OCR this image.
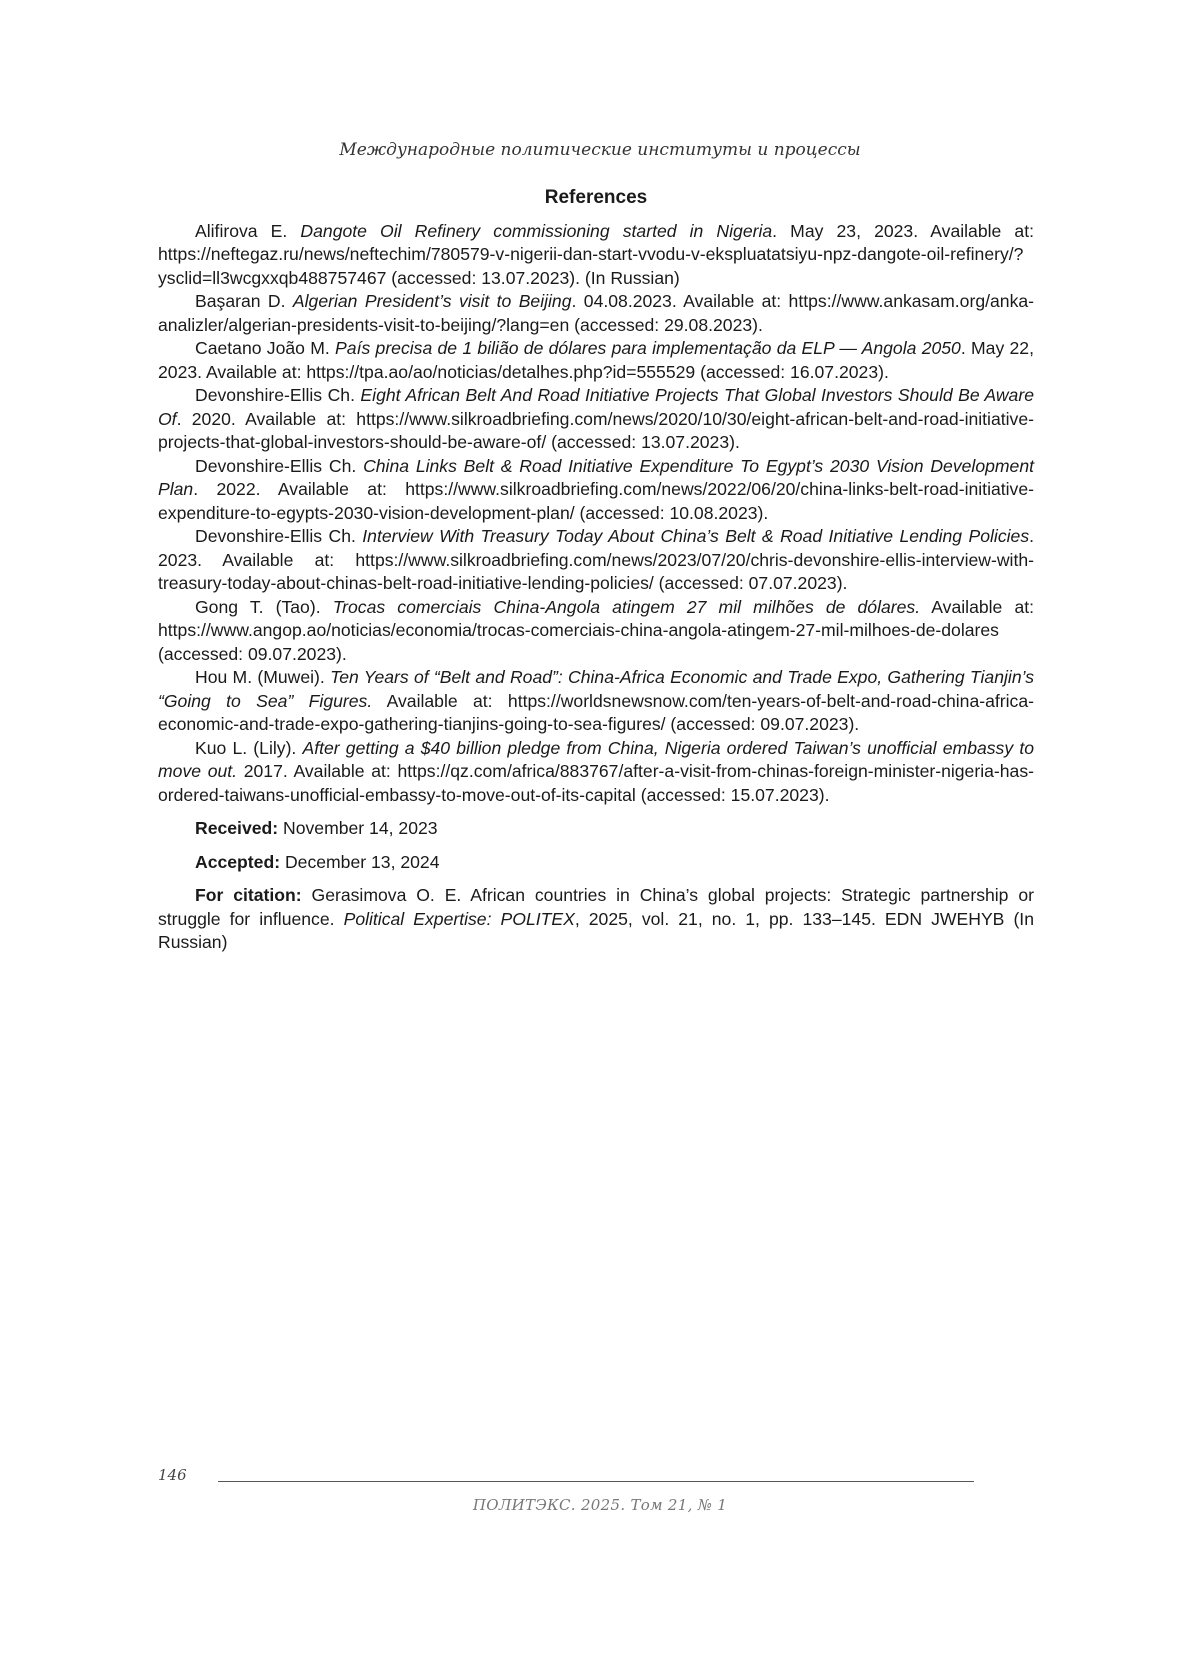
Международные политические институты и процессы
References

Alifirova E. Dangote Oil Refinery commissioning started in Nigeria. May 23, 2023. Available at: https://neftegaz.ru/news/neftechim/780579-v-nigerii-dan-start-vvodu-v-ekspluatatsiyu-npz-dangote-oil-refinery/?ysclid=ll3wcgxxqb488757467 (accessed: 13.07.2023). (In Russian)

Başaran D. Algerian President’s visit to Beijing. 04.08.2023. Available at: https://www.ankasam.org/anka-analizler/algerian-presidents-visit-to-beijing/?lang=en (accessed: 29.08.2023).

Caetano João M. País precisa de 1 bilião de dólares para implementação da ELP — Angola 2050. May 22, 2023. Available at: https://tpa.ao/ao/noticias/detalhes.php?id=555529 (accessed: 16.07.2023).

Devonshire-Ellis Ch. Eight African Belt And Road Initiative Projects That Global Investors Should Be Aware Of. 2020. Available at: https://www.silkroadbriefing.com/news/2020/10/30/eight-african-belt-and-road-initiative-projects-that-global-investors-should-be-aware-of/ (accessed: 13.07.2023).

Devonshire-Ellis Ch. China Links Belt & Road Initiative Expenditure To Egypt’s 2030 Vision Development Plan. 2022. Available at: https://www.silkroadbriefing.com/news/2022/06/20/china-links-belt-road-initiative-expenditure-to-egypts-2030-vision-development-plan/ (accessed: 10.08.2023).

Devonshire-Ellis Ch. Interview With Treasury Today About China’s Belt & Road Initiative Lending Policies. 2023. Available at: https://www.silkroadbriefing.com/news/2023/07/20/chris-devonshire-ellis-interview-with-treasury-today-about-chinas-belt-road-initiative-lending-policies/ (accessed: 07.07.2023).

Gong T. (Tao). Trocas comerciais China-Angola atingem 27 mil milhões de dólares. Available at: https://www.angop.ao/noticias/economia/trocas-comerciais-china-angola-atingem-27-mil-milhoes-de-dolares (accessed: 09.07.2023).

Hou M. (Muwei). Ten Years of “Belt and Road”: China-Africa Economic and Trade Expo, Gathering Tianjin’s “Going to Sea” Figures. Available at: https://worldsnewsnow.com/ten-years-of-belt-and-road-china-africa-economic-and-trade-expo-gathering-tianjins-going-to-sea-figures/ (accessed: 09.07.2023).

Kuo L. (Lily). After getting a $40 billion pledge from China, Nigeria ordered Taiwan’s unofficial embassy to move out. 2017. Available at: https://qz.com/africa/883767/after-a-visit-from-chinas-foreign-minister-nigeria-has-ordered-taiwans-unofficial-embassy-to-move-out-of-its-capital (accessed: 15.07.2023).

Received: November 14, 2023

Accepted: December 13, 2024

For citation: Gerasimova O. E. African countries in China’s global projects: Strategic partnership or struggle for influence. Political Expertise: POLITEX, 2025, vol. 21, no. 1, pp. 133–145. EDN JWEHYB (In Russian)

146
ПОЛИТЭКС. 2025. Том 21, № 1
